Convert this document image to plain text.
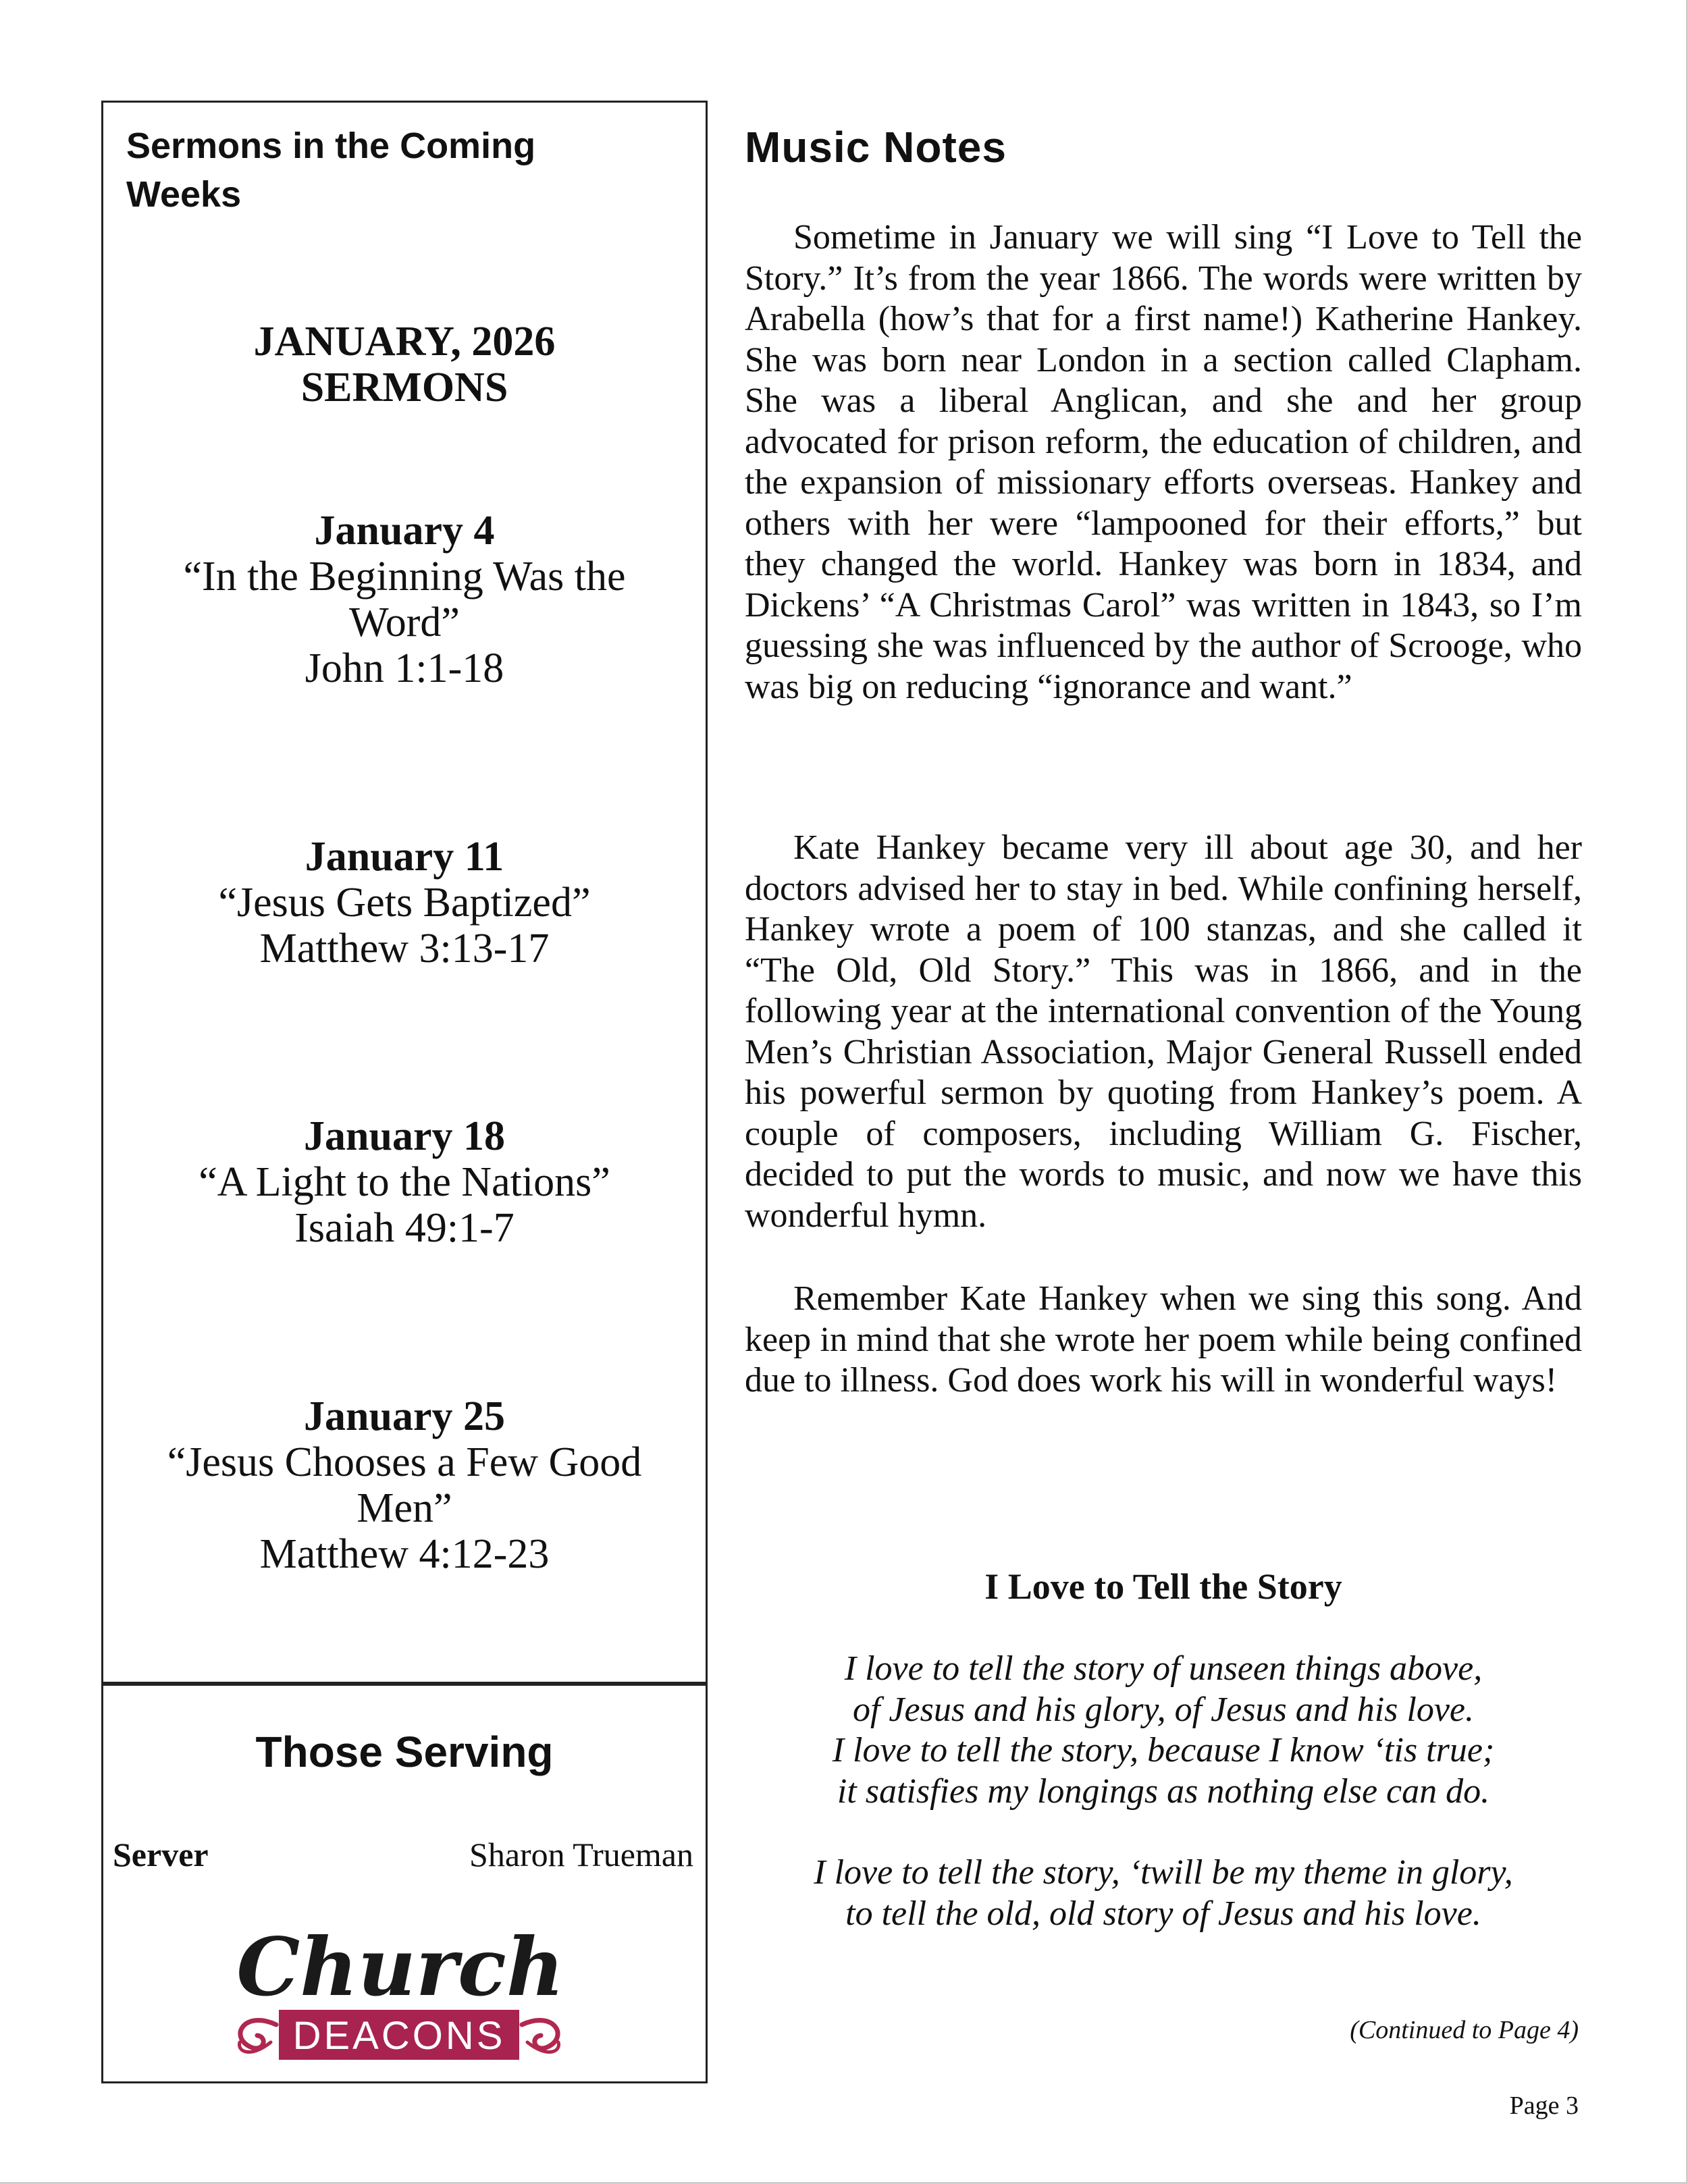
Sermons in the Coming Weeks
JANUARY, 2026
SERMONS
January 4
“In the Beginning Was the Word”
John 1:1-18
January 11
“Jesus Gets Baptized”
Matthew 3:13-17
January 18
“A Light to the Nations”
Isaiah 49:1-7
January 25
“Jesus Chooses a Few Good Men”
Matthew 4:12-23
Those Serving
Server	Sharon Trueman
DEACONS
Church
Music Notes

Sometime in January we will sing “I Love to Tell the Story.” It’s from the year 1866. The words were written by Arabella (how’s that for a first name!) Katherine Hankey. She was born near London in a section called Clapham. She was a liberal Anglican, and she and her group advocated for prison reform, the education of children, and the expansion of missionary efforts overseas. Hankey and others with her were “lampooned for their efforts,” but they changed the world. Hankey was born in 1834, and Dickens’ “A Christmas Carol” was written in 1843, so I’m guessing she was influenced by the author of Scrooge, who was big on reducing “ignorance and want.”

Kate Hankey became very ill about age 30, and her doctors advised her to stay in bed. While confining herself, Hankey wrote a poem of 100 stanzas, and she called it “The Old, Old Story.” This was in 1866, and in the following year at the international convention of the Young Men’s Christian Association, Major General Russell ended his powerful sermon by quoting from Hankey’s poem. A couple of composers, including William G. Fischer, decided to put the words to music, and now we have this wonderful hymn.

Remember Kate Hankey when we sing this song. And keep in mind that she wrote her poem while being confined due to illness. God does work his will in wonderful ways!

I Love to Tell the Story
I love to tell the story of unseen things above,
of Jesus and his glory, of Jesus and his love.
I love to tell the story, because I know ‘tis true;
it satisfies my longings as nothing else can do.
I love to tell the story, ‘twill be my theme in glory,
to tell the old, old story of Jesus and his love.
(Continued to Page 4)
Page 3
